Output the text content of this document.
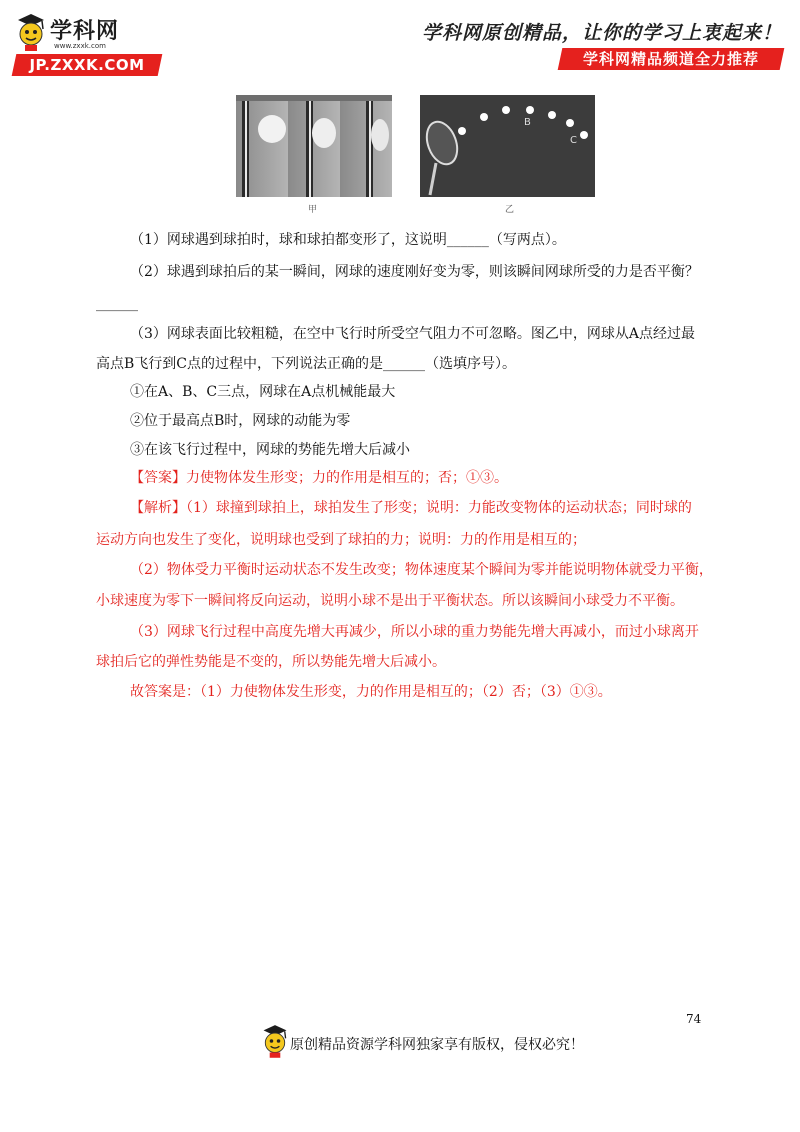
学科网
www.zxxk.com
JP.ZXXK.COM
学科网原创精品，让你的学习上衷起来！
学科网精品频道全力推荐
甲
B
C
乙
（1）网球遇到球拍时，球和球拍都变形了，这说明______（写两点）。
（2）球遇到球拍后的某一瞬间，网球的速度刚好变为零，则该瞬间网球所受的力是否平衡？
______
（3）网球表面比较粗糙，在空中飞行时所受空气阻力不可忽略。图乙中，网球从A点经过最
高点B飞行到C点的过程中，下列说法正确的是______（选填序号）。
①在A、B、C三点，网球在A点机械能最大
②位于最高点B时，网球的动能为零
③在该飞行过程中，网球的势能先增大后减小
【答案】力使物体发生形变；力的作用是相互的；否；①③。
【解析】（1）球撞到球拍上，球拍发生了形变；说明：力能改变物体的运动状态；同时球的
运动方向也发生了变化，说明球也受到了球拍的力；说明：力的作用是相互的；
（2）物体受力平衡时运动状态不发生改变；物体速度某个瞬间为零并能说明物体就受力平衡，
小球速度为零下一瞬间将反向运动，说明小球不是出于平衡状态。所以该瞬间小球受力不平衡。
（3）网球飞行过程中高度先增大再减少，所以小球的重力势能先增大再减小，而过小球离开
球拍后它的弹性势能是不变的，所以势能先增大后减小。
故答案是：（1）力使物体发生形变，力的作用是相互的；（2）否；（3）①③。
74
原创精品资源学科网独家享有版权，侵权必究！
